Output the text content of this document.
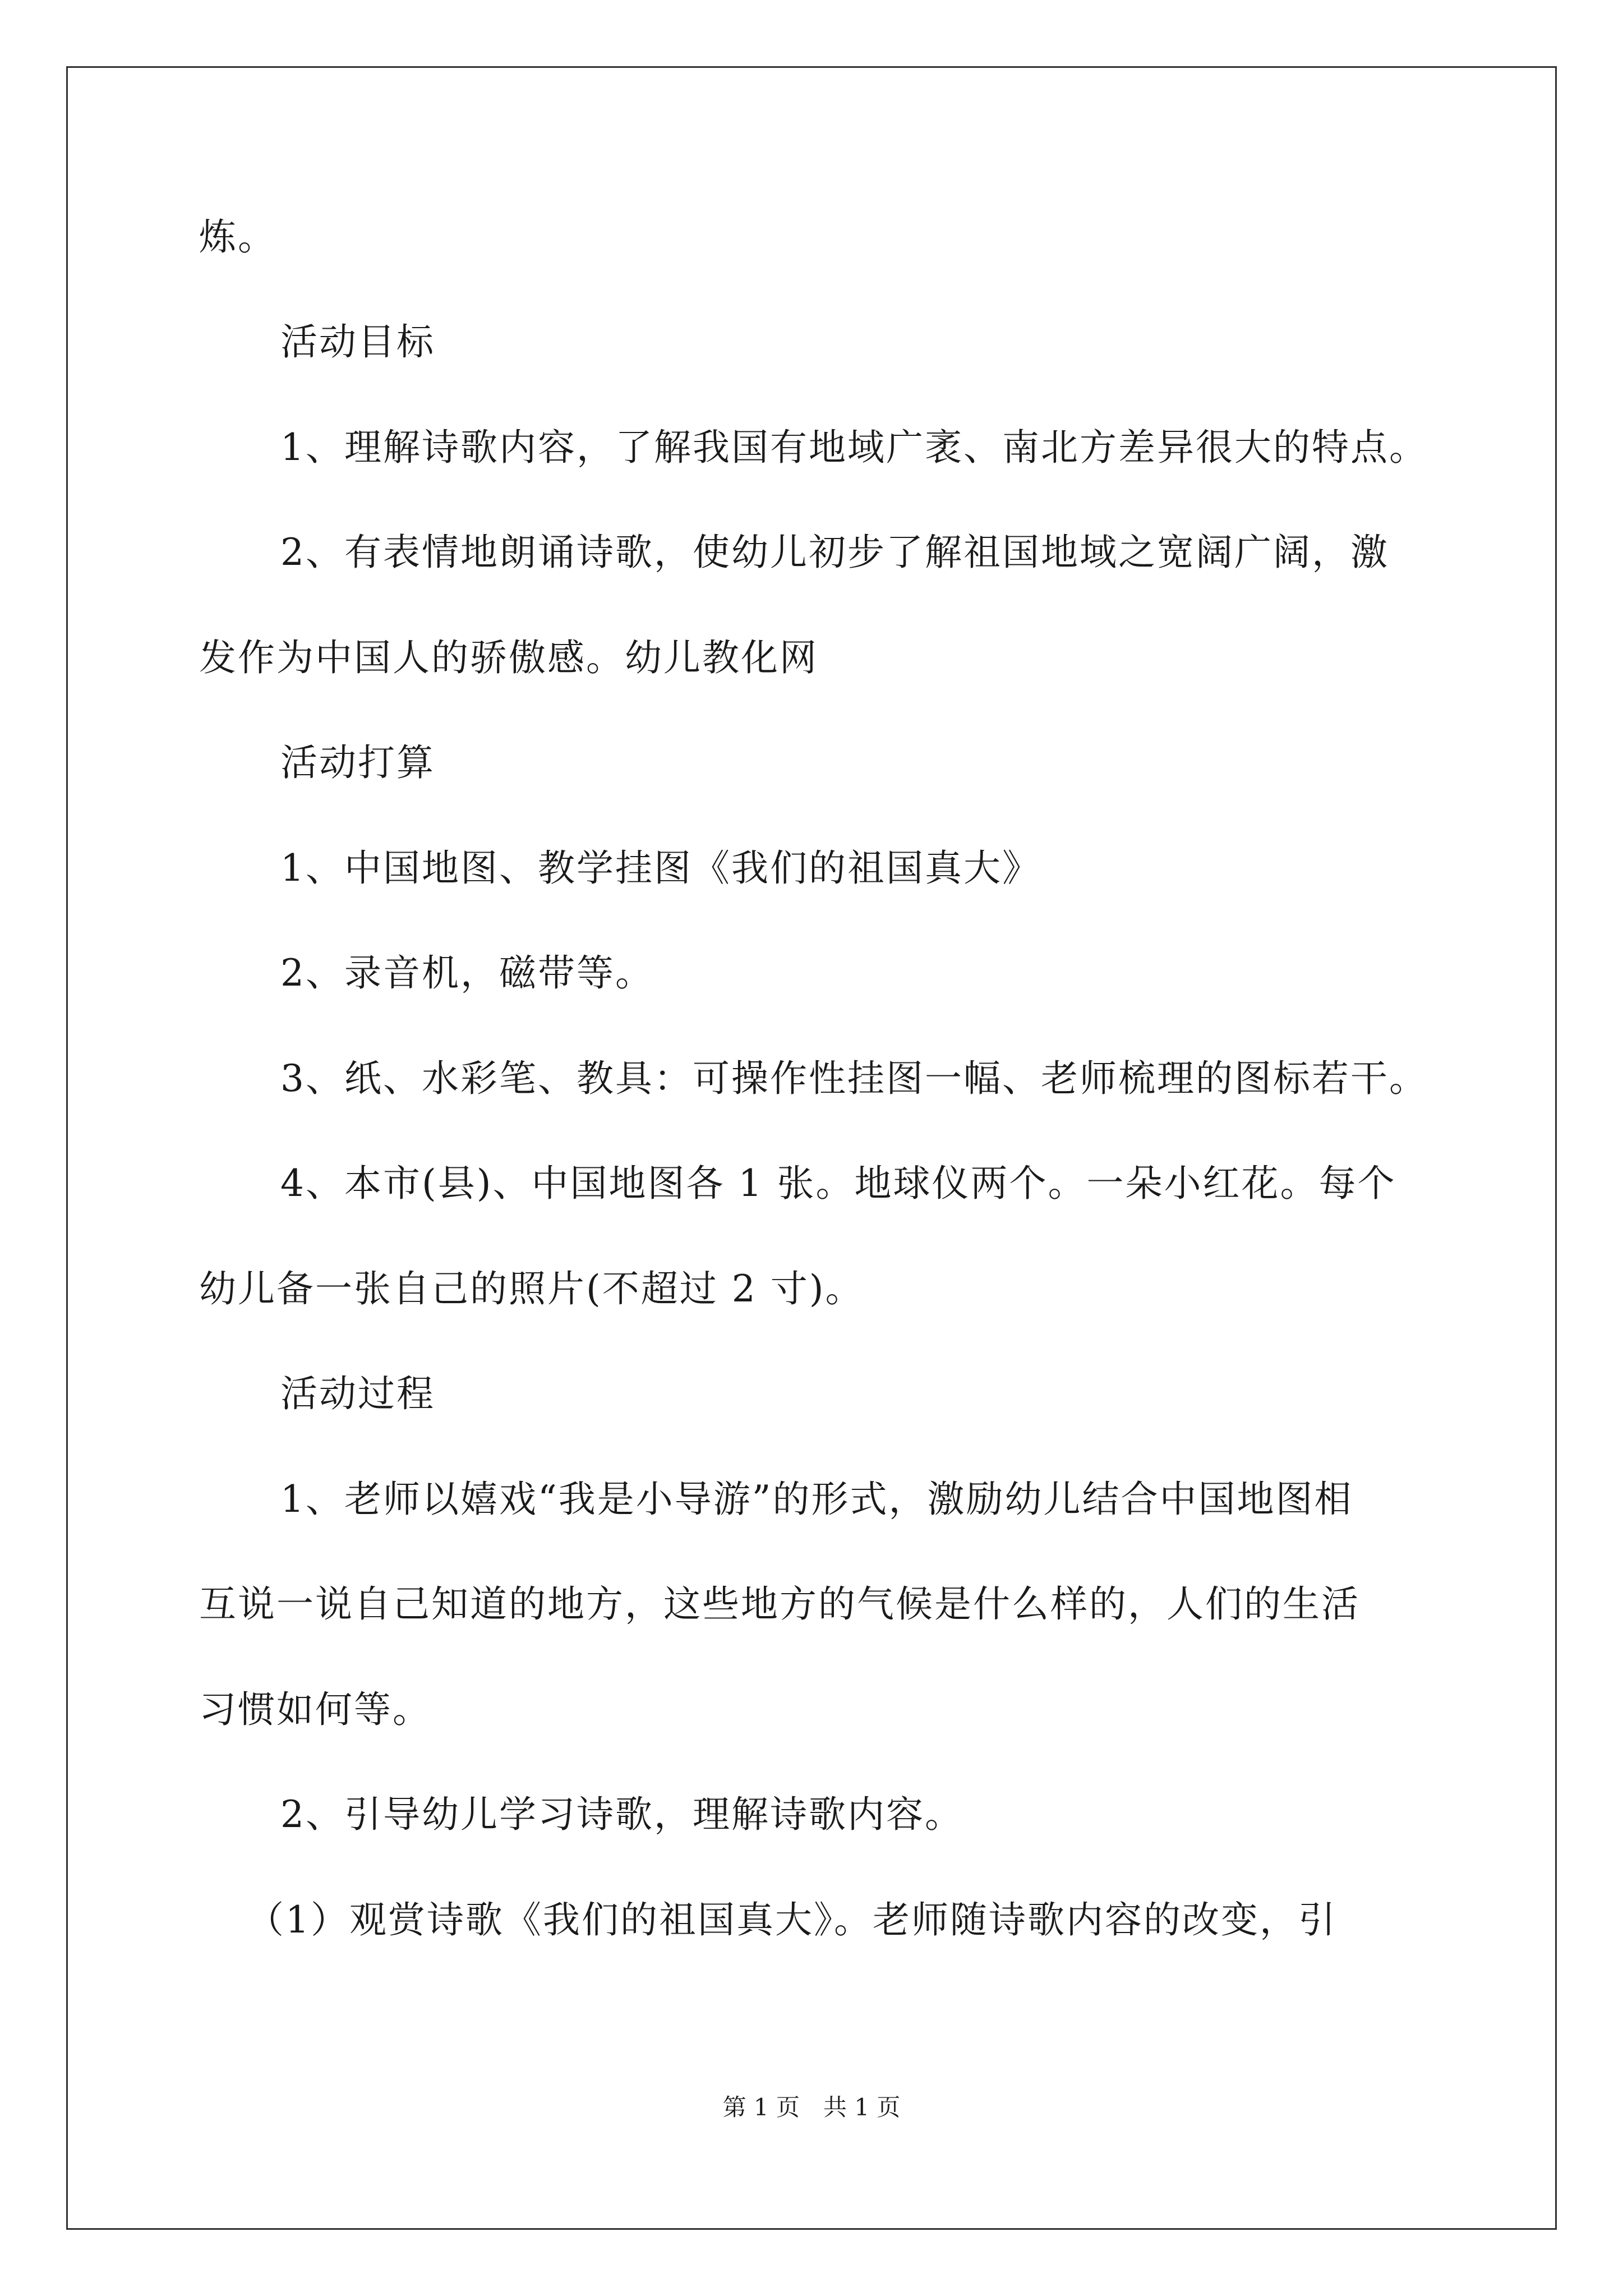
炼。
活动目标
1、理解诗歌内容，了解我国有地域广袤、南北方差异很大的特点。
2、有表情地朗诵诗歌，使幼儿初步了解祖国地域之宽阔广阔，激
发作为中国人的骄傲感。幼儿教化网
活动打算
1、中国地图、教学挂图《我们的祖国真大》
2、录音机，磁带等。
3、纸、水彩笔、教具：可操作性挂图一幅、老师梳理的图标若干。
4、本市(县)、中国地图各 1 张。地球仪两个。一朵小红花。每个
幼儿备一张自己的照片(不超过 2 寸)。
活动过程
1、老师以嬉戏“我是小导游”的形式，激励幼儿结合中国地图相
互说一说自己知道的地方，这些地方的气候是什么样的，人们的生活
习惯如何等。
2、引导幼儿学习诗歌，理解诗歌内容。
（1）观赏诗歌《我们的祖国真大》。老师随诗歌内容的改变，引
第 1 页　共 1 页
